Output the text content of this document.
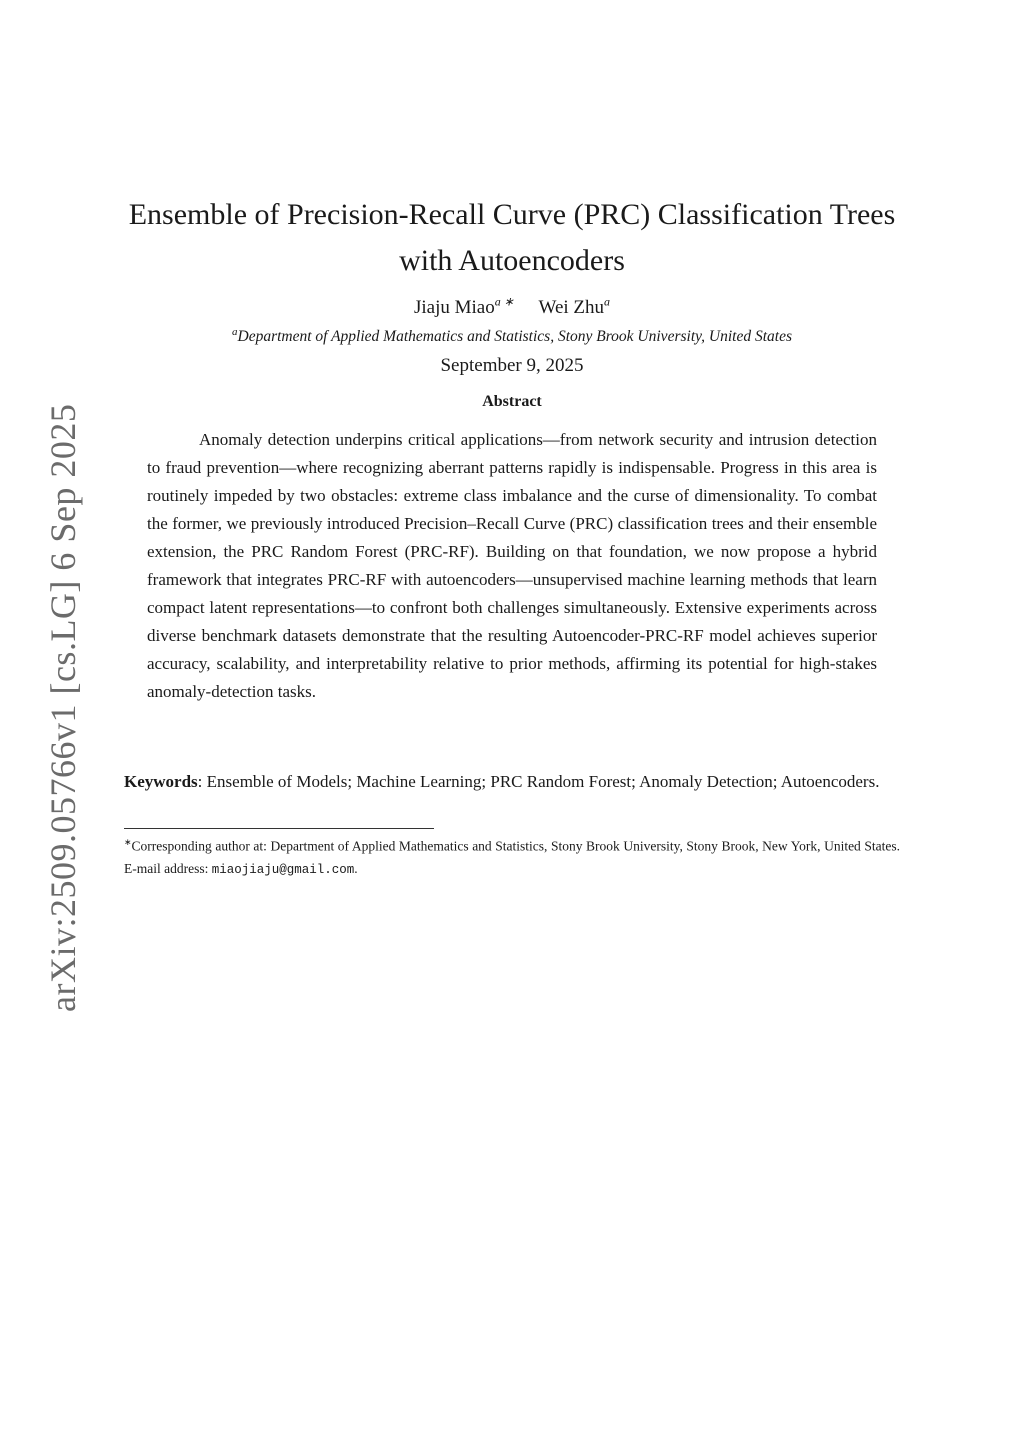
arXiv:2509.05766v1 [cs.LG] 6 Sep 2025
Ensemble of Precision-Recall Curve (PRC) Classification Trees
with Autoencoders
Jiaju Miao$^{a ∗}$ Wei Zhu$^a$
$^a$Department of Applied Mathematics and Statistics, Stony Brook University, United States
September 9, 2025
Abstract

Anomaly detection underpins critical applications—from network security and intrusion detection to fraud prevention—where recognizing aberrant patterns rapidly is indispensable. Progress in this area is routinely impeded by two obstacles: extreme class imbalance and the curse of dimensionality. To combat the former, we previously introduced Precision–Recall Curve (PRC) classification trees and their ensemble extension, the PRC Random Forest (PRC-RF). Building on that foundation, we now propose a hybrid framework that integrates PRC-RF with autoencoders—unsupervised machine learning methods that learn compact latent representations—to confront both challenges simultaneously. Extensive experiments across diverse benchmark datasets demonstrate that the resulting Autoencoder-PRC-RF model achieves superior accuracy, scalability, and interpretability relative to prior methods, affirming its potential for high-stakes anomaly-detection tasks.

Keywords: Ensemble of Models; Machine Learning; PRC Random Forest; Anomaly Detection; Autoencoders.

∗Corresponding author at: Department of Applied Mathematics and Statistics, Stony Brook University, Stony Brook, New York, United States. E-mail address: miaojiaju@gmail.com.
